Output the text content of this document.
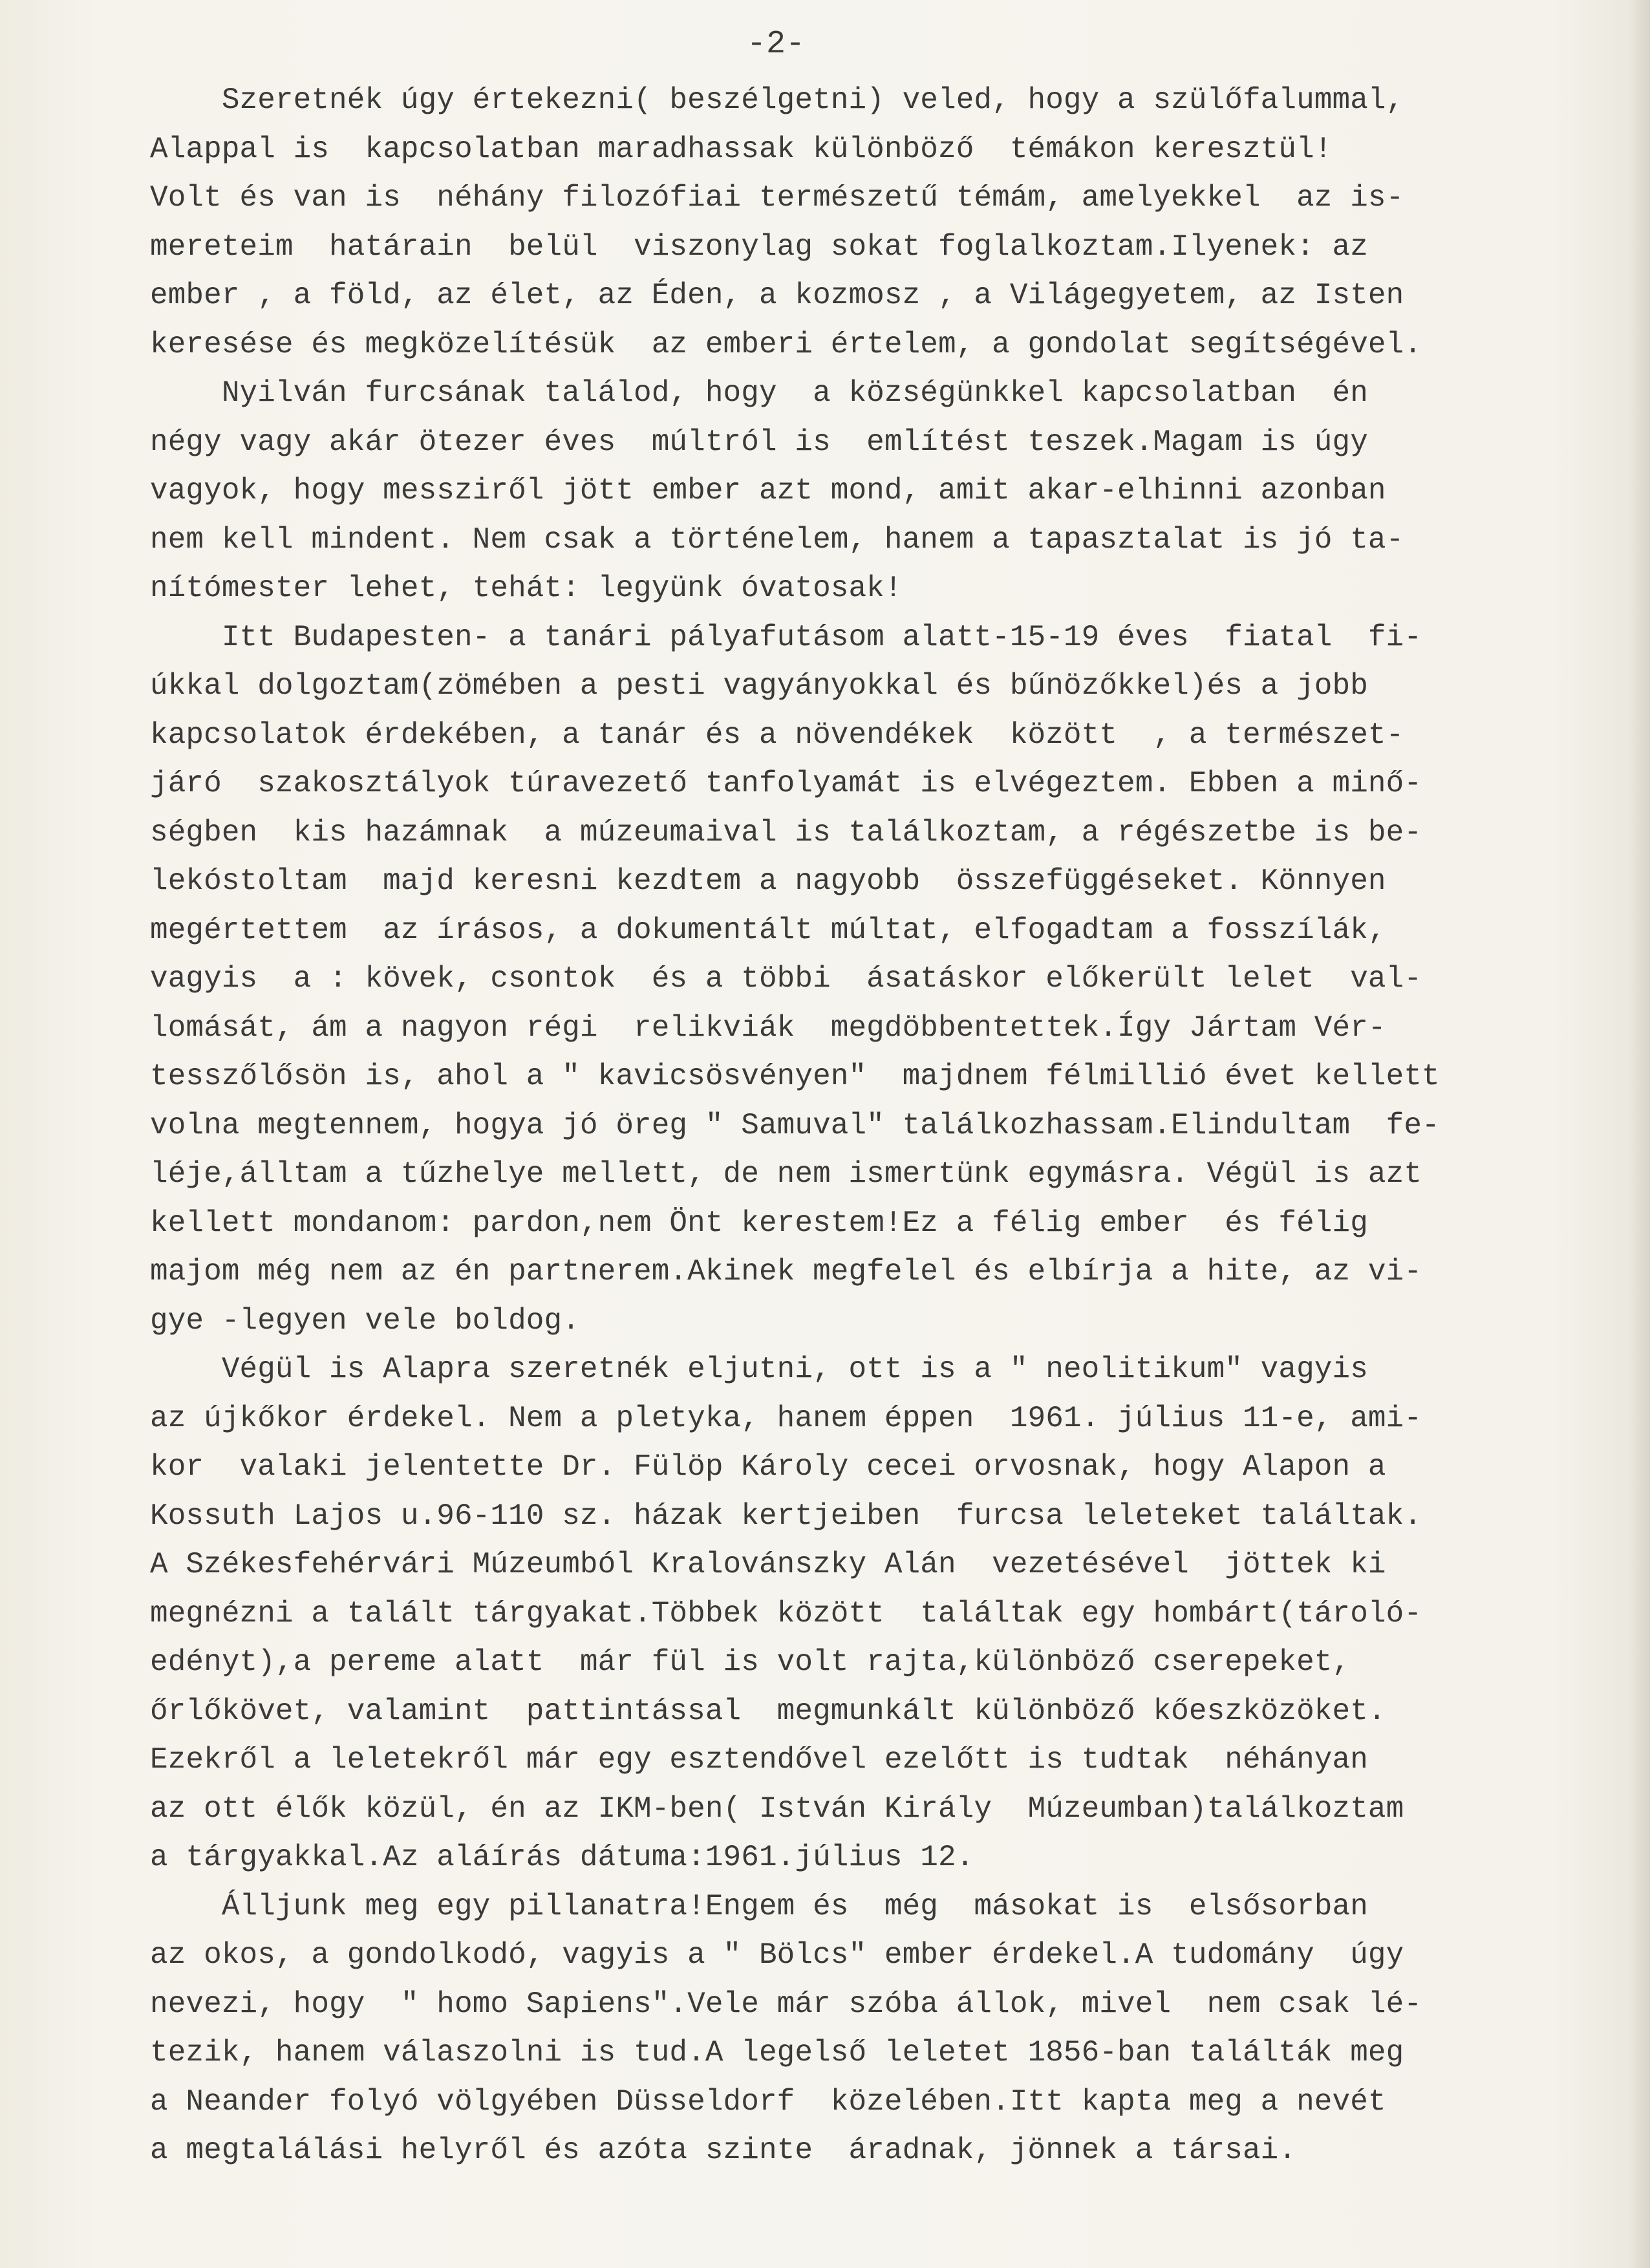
-2-
Szeretnék úgy értekezni( beszélgetni) veled, hogy a szülőfalummal,
Alappal is  kapcsolatban maradhassak különböző  témákon keresztül!
Volt és van is  néhány filozófiai természetű témám, amelyekkel  az is-
mereteim  határain  belül  viszonylag sokat foglalkoztam.Ilyenek: az
ember , a föld, az élet, az Éden, a kozmosz , a Világegyetem, az Isten
keresése és megközelítésük  az emberi értelem, a gondolat segítségével.
Nyilván furcsának találod, hogy  a községünkkel kapcsolatban  én
négy vagy akár ötezer éves  múltról is  említést teszek.Magam is úgy
vagyok, hogy messziről jött ember azt mond, amit akar-elhinni azonban
nem kell mindent. Nem csak a történelem, hanem a tapasztalat is jó ta-
nítómester lehet, tehát: legyünk óvatosak!
Itt Budapesten- a tanári pályafutásom alatt-15-19 éves  fiatal  fi-
úkkal dolgoztam(zömében a pesti vagyányokkal és bűnözőkkel)és a jobb
kapcsolatok érdekében, a tanár és a növendékek  között  , a természet-
járó  szakosztályok túravezető tanfolyamát is elvégeztem. Ebben a minő-
ségben  kis hazámnak  a múzeumaival is találkoztam, a régészetbe is be-
lekóstoltam  majd keresni kezdtem a nagyobb  összefüggéseket. Könnyen
megértettem  az írásos, a dokumentált múltat, elfogadtam a fosszílák,
vagyis  a : kövek, csontok  és a többi  ásatáskor előkerült lelet  val-
lomását, ám a nagyon régi  relikviák  megdöbbentettek.Így Jártam Vér-
tesszőlősön is, ahol a " kavicsösvényen"  majdnem félmillió évet kellett
volna megtennem, hogya jó öreg " Samuval" találkozhassam.Elindultam  fe-
léje,álltam a tűzhelye mellett, de nem ismertünk egymásra. Végül is azt
kellett mondanom: pardon,nem Önt kerestem!Ez a félig ember  és félig
majom még nem az én partnerem.Akinek megfelel és elbírja a hite, az vi-
gye -legyen vele boldog.
Végül is Alapra szeretnék eljutni, ott is a " neolitikum" vagyis
az újkőkor érdekel. Nem a pletyka, hanem éppen  1961. július 11-e, ami-
kor  valaki jelentette Dr. Fülöp Károly cecei orvosnak, hogy Alapon a
Kossuth Lajos u.96-110 sz. házak kertjeiben  furcsa leleteket találtak.
A Székesfehérvári Múzeumból Kralovánszky Alán  vezetésével  jöttek ki
megnézni a talált tárgyakat.Többek között  találtak egy hombárt(tároló-
edényt),a pereme alatt  már fül is volt rajta,különböző cserepeket,
őrlőkövet, valamint  pattintással  megmunkált különböző kőeszközöket.
Ezekről a leletekről már egy esztendővel ezelőtt is tudtak  néhányan
az ott élők közül, én az IKM-ben( István Király  Múzeumban)találkoztam
a tárgyakkal.Az aláírás dátuma:1961.július 12.
Álljunk meg egy pillanatra!Engem és  még  másokat is  elsősorban
az okos, a gondolkodó, vagyis a " Bölcs" ember érdekel.A tudomány  úgy
nevezi, hogy  " homo Sapiens".Vele már szóba állok, mivel  nem csak lé-
tezik, hanem válaszolni is tud.A legelső leletet 1856-ban találták meg
a Neander folyó völgyében Düsseldorf  közelében.Itt kapta meg a nevét
a megtalálási helyről és azóta szinte  áradnak, jönnek a társai.
